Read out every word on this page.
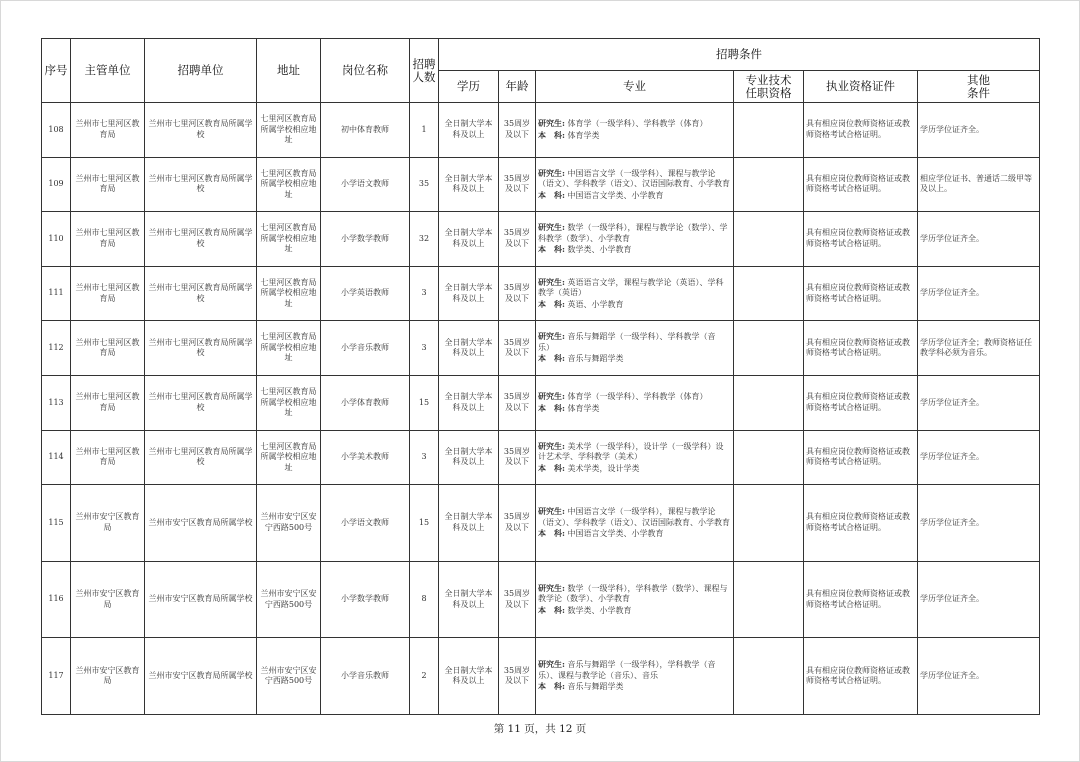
序号	主管单位	招聘单位	地址	岗位名称	招聘
人数	招聘条件					
						学历	年龄	专业	专业技术
任职资格	执业资格证件	其他
条件
108	兰州市七里河区教育局	兰州市七里河区教育局所属学校	七里河区教育局所属学校相应地址	初中体育教师	1	全日制大学本科及以上	35周岁及以下	研究生: 体育学（一级学科）、学科教学（体育）
本　科: 体育学类		具有相应岗位教师资格证或教师资格考试合格证明。	学历学位证齐全。
109	兰州市七里河区教育局	兰州市七里河区教育局所属学校	七里河区教育局所属学校相应地址	小学语文教师	35	全日制大学本科及以上	35周岁及以下	研究生: 中国语言文学（一级学科）、课程与教学论（语文）、学科教学（语文）、汉语国际教育、小学教育
本　科: 中国语言文学类、小学教育		具有相应岗位教师资格证或教师资格考试合格证明。	相应学位证书、普通话二级甲等及以上。
110	兰州市七里河区教育局	兰州市七里河区教育局所属学校	七里河区教育局所属学校相应地址	小学数学教师	32	全日制大学本科及以上	35周岁及以下	研究生: 数学（一级学科），课程与教学论（数学）、学科教学（数学）、小学教育
本　科: 数学类、小学教育		具有相应岗位教师资格证或教师资格考试合格证明。	学历学位证齐全。
111	兰州市七里河区教育局	兰州市七里河区教育局所属学校	七里河区教育局所属学校相应地址	小学英语教师	3	全日制大学本科及以上	35周岁及以下	研究生: 英语语言文学，课程与教学论（英语）、学科教学（英语）
本　科: 英语、小学教育		具有相应岗位教师资格证或教师资格考试合格证明。	学历学位证齐全。
112	兰州市七里河区教育局	兰州市七里河区教育局所属学校	七里河区教育局所属学校相应地址	小学音乐教师	3	全日制大学本科及以上	35周岁及以下	研究生: 音乐与舞蹈学（一级学科）、学科教学（音乐）
本　科: 音乐与舞蹈学类		具有相应岗位教师资格证或教师资格考试合格证明。	学历学位证齐全；教师资格证任教学科必须为音乐。
113	兰州市七里河区教育局	兰州市七里河区教育局所属学校	七里河区教育局所属学校相应地址	小学体育教师	15	全日制大学本科及以上	35周岁及以下	研究生: 体育学（一级学科）、学科教学（体育）
本　科: 体育学类		具有相应岗位教师资格证或教师资格考试合格证明。	学历学位证齐全。
114	兰州市七里河区教育局	兰州市七里河区教育局所属学校	七里河区教育局所属学校相应地址	小学美术教师	3	全日制大学本科及以上	35周岁及以下	研究生: 美术学（一级学科），设计学（一级学科）设计艺术学、学科教学（美术）
本　科: 美术学类，设计学类		具有相应岗位教师资格证或教师资格考试合格证明。	学历学位证齐全。
115	兰州市安宁区教育局	兰州市安宁区教育局所属学校	兰州市安宁区安宁西路500号	小学语文教师	15	全日制大学本科及以上	35周岁及以下	研究生: 中国语言文学（一级学科），课程与教学论（语文）、学科教学（语文）、汉语国际教育、小学教育
本　科: 中国语言文学类、小学教育		具有相应岗位教师资格证或教师资格考试合格证明。	学历学位证齐全。
116	兰州市安宁区教育局	兰州市安宁区教育局所属学校	兰州市安宁区安宁西路500号	小学数学教师	8	全日制大学本科及以上	35周岁及以下	研究生: 数学（一级学科），学科教学（数学）、课程与教学论（数学）、小学教育
本　科: 数学类、小学教育		具有相应岗位教师资格证或教师资格考试合格证明。	学历学位证齐全。
117	兰州市安宁区教育局	兰州市安宁区教育局所属学校	兰州市安宁区安宁西路500号	小学音乐教师	2	全日制大学本科及以上	35周岁及以下	研究生: 音乐与舞蹈学（一级学科），学科教学（音乐）、课程与教学论（音乐）、音乐
本　科: 音乐与舞蹈学类		具有相应岗位教师资格证或教师资格考试合格证明。	学历学位证齐全。
第 11 页，共 12 页
